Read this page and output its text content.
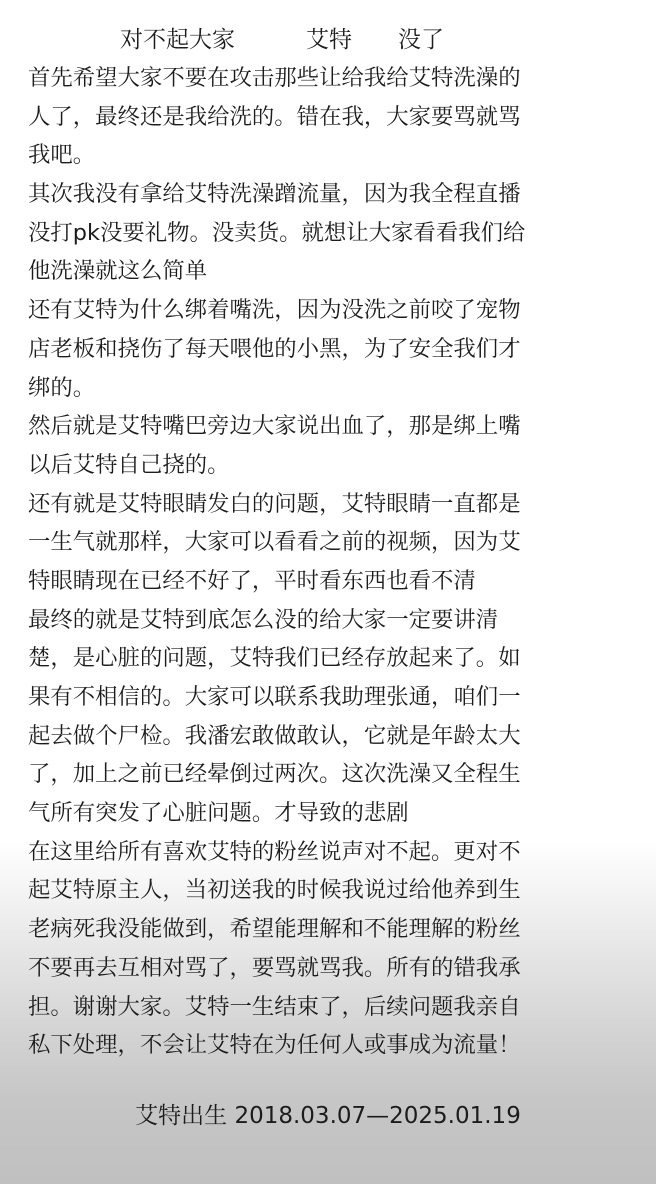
对不起大家	艾特 没了
首先希望大家不要在攻击那些让给我给艾特洗澡的
人了，最终还是我给洗的。错在我，大家要骂就骂
我吧。
其次我没有拿给艾特洗澡蹭流量，因为我全程直播
没打pk没要礼物。没卖货。就想让大家看看我们给
他洗澡就这么简单
还有艾特为什么绑着嘴洗，因为没洗之前咬了宠物
店老板和挠伤了每天喂他的小黑，为了安全我们才
绑的。
然后就是艾特嘴巴旁边大家说出血了，那是绑上嘴
以后艾特自己挠的。
还有就是艾特眼睛发白的问题，艾特眼睛一直都是
一生气就那样，大家可以看看之前的视频，因为艾
特眼睛现在已经不好了，平时看东西也看不清
最终的就是艾特到底怎么没的给大家一定要讲清
楚，是心脏的问题，艾特我们已经存放起来了。如
果有不相信的。大家可以联系我助理张通，咱们一
起去做个尸检。我潘宏敢做敢认，它就是年龄太大
了，加上之前已经晕倒过两次。这次洗澡又全程生
气所有突发了心脏问题。才导致的悲剧
在这里给所有喜欢艾特的粉丝说声对不起。更对不
起艾特原主人，当初送我的时候我说过给他养到生
老病死我没能做到，希望能理解和不能理解的粉丝
不要再去互相对骂了，要骂就骂我。所有的错我承
担。谢谢大家。艾特一生结束了，后续问题我亲自
私下处理，不会让艾特在为任何人或事成为流量！
艾特出生 2018.03.07—2025.01.19
